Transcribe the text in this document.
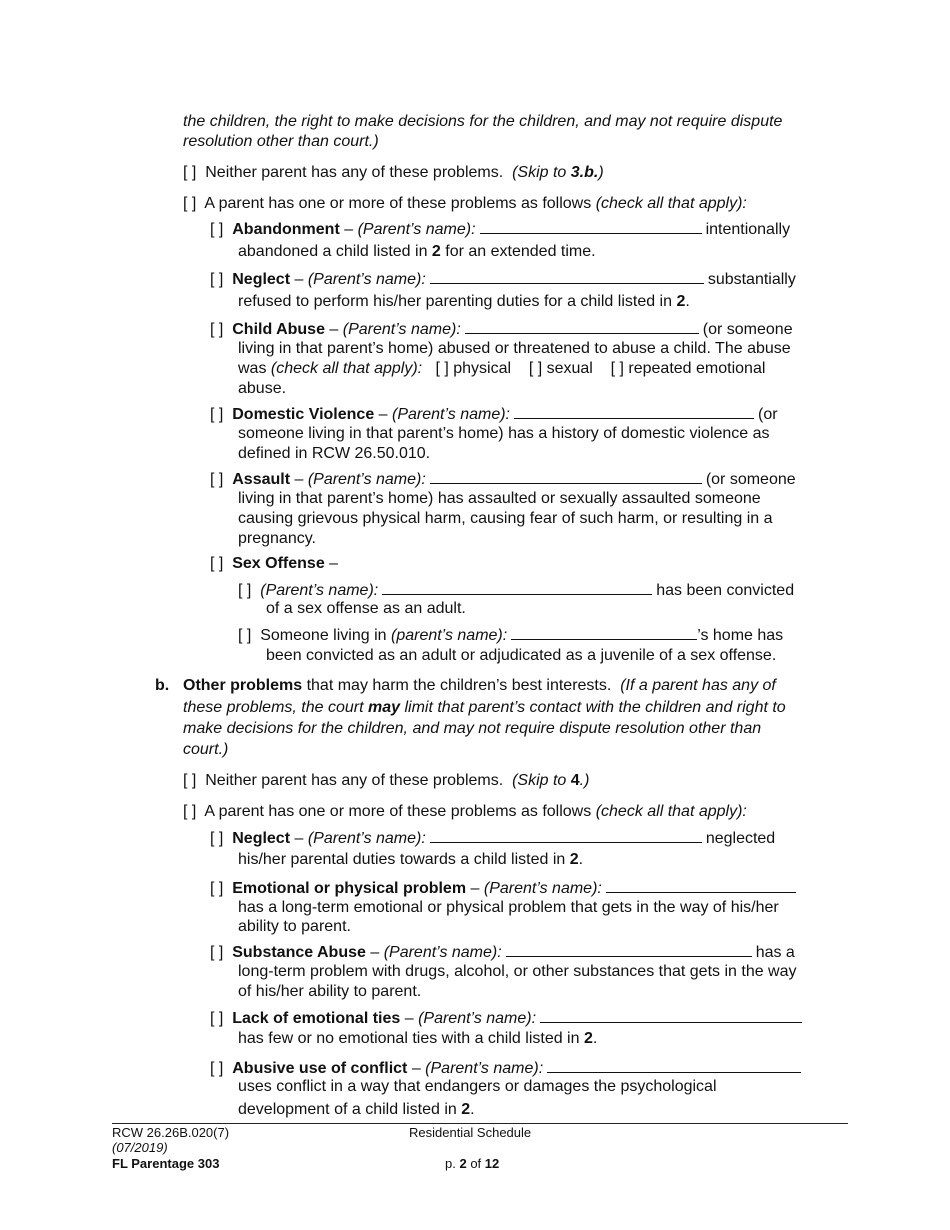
the children, the right to make decisions for the children, and may not require dispute
resolution other than court.)
[ ] Neither parent has any of these problems. (Skip to 3.b.)
[ ] A parent has one or more of these problems as follows (check all that apply):
[ ] Abandonment – (Parent’s name):	intentionally
abandoned a child listed in 2 for an extended time.
[ ] Neglect – (Parent’s name):	substantially
refused to perform his/her parenting duties for a child listed in 2.
[ ] Child Abuse – (Parent’s name):	(or someone
living in that parent’s home) abused or threatened to abuse a child. The abuse
was (check all that apply): [ ] physical [ ] sexual [ ] repeated emotional
abuse.
[ ] Domestic Violence – (Parent’s name):	(or
someone living in that parent’s home) has a history of domestic violence as
defined in RCW 26.50.010.
[ ] Assault – (Parent’s name):	(or someone
living in that parent’s home) has assaulted or sexually assaulted someone
causing grievous physical harm, causing fear of such harm, or resulting in a
pregnancy.
[ ] Sex Offense –
[ ] (Parent’s name):	has been convicted
of a sex offense as an adult.
[ ] Someone living in (parent’s name):	’s home has
been convicted as an adult or adjudicated as a juvenile of a sex offense.
b. Other problems that may harm the children’s best interests. (If a parent has any of
these problems, the court may limit that parent’s contact with the children and right to
make decisions for the children, and may not require dispute resolution other than
court.)
[ ] Neither parent has any of these problems. (Skip to 4.)
[ ] A parent has one or more of these problems as follows (check all that apply):
[ ] Neglect – (Parent’s name):	neglected
his/her parental duties towards a child listed in 2.
[ ] Emotional or physical problem – (Parent’s name):
has a long-term emotional or physical problem that gets in the way of his/her
ability to parent.
[ ] Substance Abuse – (Parent’s name):	has a
long-term problem with drugs, alcohol, or other substances that gets in the way
of his/her ability to parent.
[ ] Lack of emotional ties – (Parent’s name):
has few or no emotional ties with a child listed in 2.
[ ] Abusive use of conflict – (Parent’s name):
uses conflict in a way that endangers or damages the psychological
development of a child listed in 2.
RCW 26.26B.020(7)
(07/2019)
FL Parentage 303
Residential Schedule
p. 2 of 12
